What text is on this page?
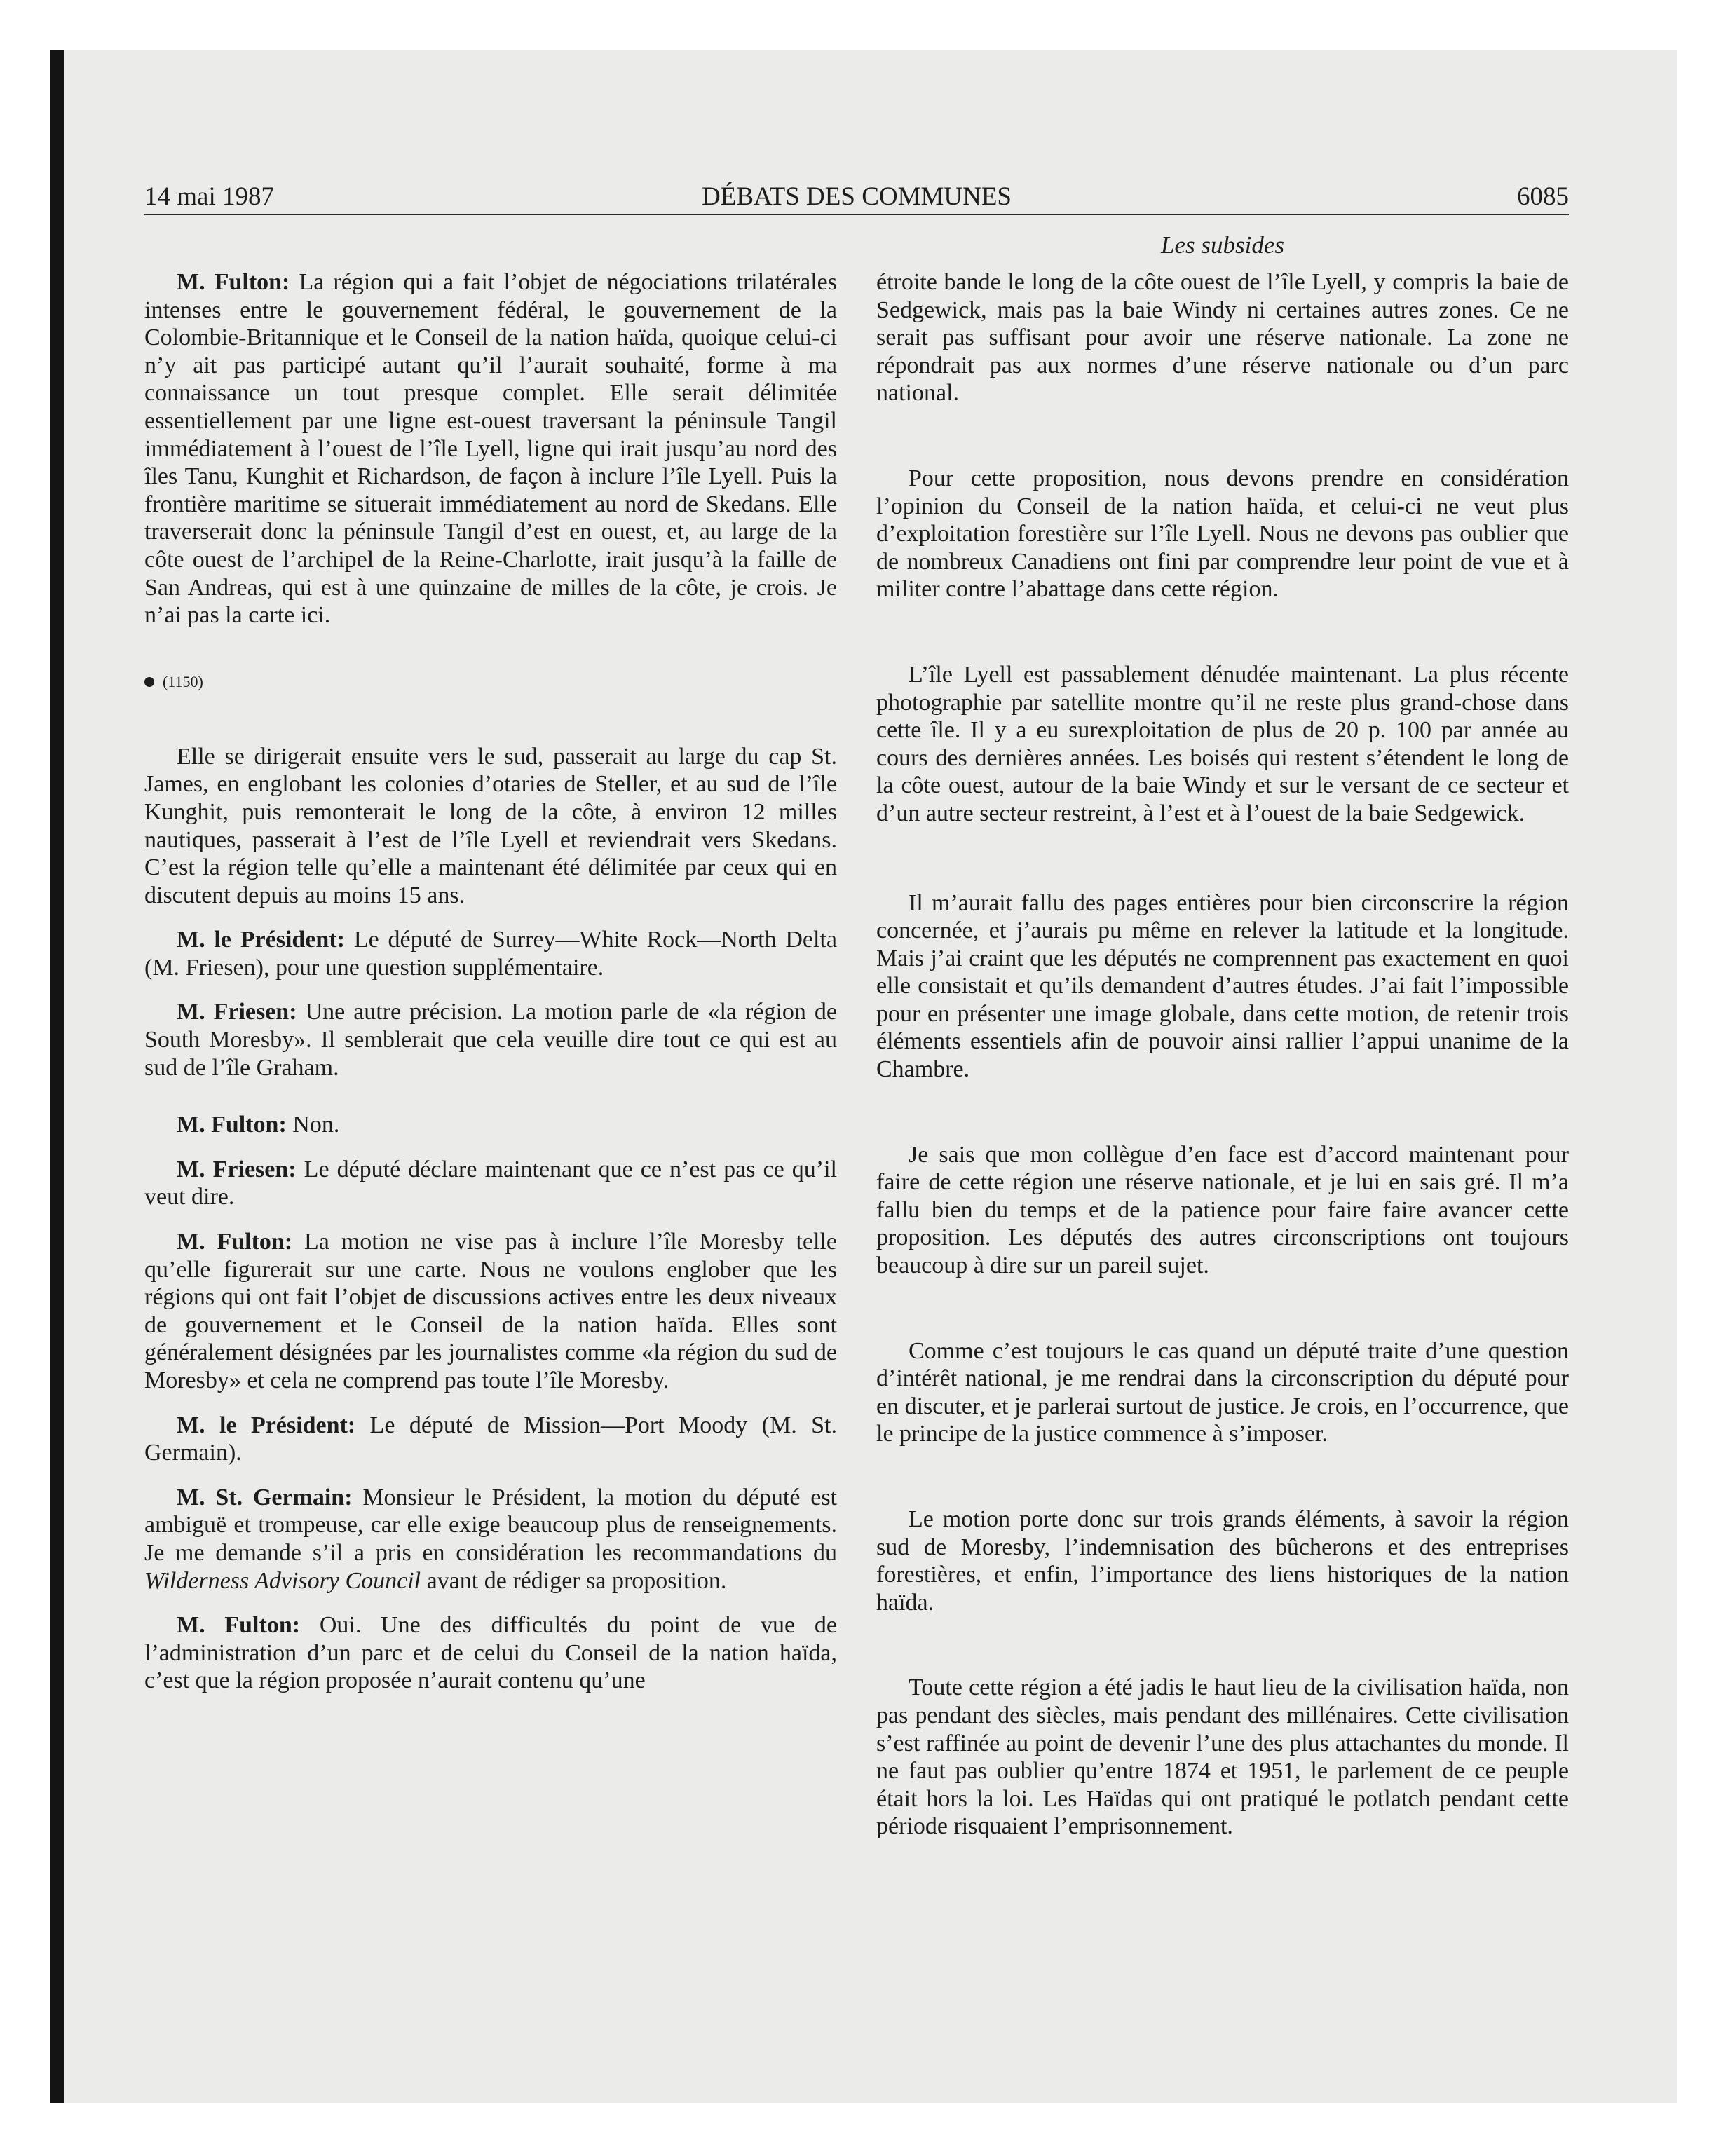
14 mai 1987	DÉBATS DES COMMUNES	6085
Les subsides

M. Fulton: La région qui a fait l’objet de négociations trilatérales intenses entre le gouvernement fédéral, le gouvernement de la Colombie-Britannique et le Conseil de la nation haïda, quoique celui-ci n’y ait pas participé autant qu’il l’aurait souhaité, forme à ma connaissance un tout presque complet. Elle serait délimitée essentiellement par une ligne est-ouest traversant la péninsule Tangil immédiatement à l’ouest de l’île Lyell, ligne qui irait jusqu’au nord des îles Tanu, Kunghit et Richardson, de façon à inclure l’île Lyell. Puis la frontière maritime se situerait immédiatement au nord de Skedans. Elle traverserait donc la péninsule Tangil d’est en ouest, et, au large de la côte ouest de l’archipel de la Reine-Charlotte, irait jusqu’à la faille de San Andreas, qui est à une quinzaine de milles de la côte, je crois. Je n’ai pas la carte ici.

(1150)

Elle se dirigerait ensuite vers le sud, passerait au large du cap St. James, en englobant les colonies d’otaries de Steller, et au sud de l’île Kunghit, puis remonterait le long de la côte, à environ 12 milles nautiques, passerait à l’est de l’île Lyell et reviendrait vers Skedans. C’est la région telle qu’elle a maintenant été délimitée par ceux qui en discutent depuis au moins 15 ans.

M. le Président: Le député de Surrey—White Rock—North Delta (M. Friesen), pour une question supplémentaire.

M. Friesen: Une autre précision. La motion parle de «la région de South Moresby». Il semblerait que cela veuille dire tout ce qui est au sud de l’île Graham.

M. Fulton: Non.

M. Friesen: Le député déclare maintenant que ce n’est pas ce qu’il veut dire.

M. Fulton: La motion ne vise pas à inclure l’île Moresby telle qu’elle figurerait sur une carte. Nous ne voulons englober que les régions qui ont fait l’objet de discussions actives entre les deux niveaux de gouvernement et le Conseil de la nation haïda. Elles sont généralement désignées par les journalistes comme «la région du sud de Moresby» et cela ne comprend pas toute l’île Moresby.

M. le Président: Le député de Mission—Port Moody (M. St. Germain).

M. St. Germain: Monsieur le Président, la motion du député est ambiguë et trompeuse, car elle exige beaucoup plus de renseignements. Je me demande s’il a pris en considération les recommandations du Wilderness Advisory Council avant de rédiger sa proposition.

M. Fulton: Oui. Une des difficultés du point de vue de l’administration d’un parc et de celui du Conseil de la nation haïda, c’est que la région proposée n’aurait contenu qu’une

étroite bande le long de la côte ouest de l’île Lyell, y compris la baie de Sedgewick, mais pas la baie Windy ni certaines autres zones. Ce ne serait pas suffisant pour avoir une réserve nationale. La zone ne répondrait pas aux normes d’une réserve nationale ou d’un parc national.

Pour cette proposition, nous devons prendre en considération l’opinion du Conseil de la nation haïda, et celui-ci ne veut plus d’exploitation forestière sur l’île Lyell. Nous ne devons pas oublier que de nombreux Canadiens ont fini par comprendre leur point de vue et à militer contre l’abattage dans cette région.

L’île Lyell est passablement dénudée maintenant. La plus récente photographie par satellite montre qu’il ne reste plus grand-chose dans cette île. Il y a eu surexploitation de plus de 20 p. 100 par année au cours des dernières années. Les boisés qui restent s’étendent le long de la côte ouest, autour de la baie Windy et sur le versant de ce secteur et d’un autre secteur restreint, à l’est et à l’ouest de la baie Sedgewick.

Il m’aurait fallu des pages entières pour bien circonscrire la région concernée, et j’aurais pu même en relever la latitude et la longitude. Mais j’ai craint que les députés ne comprennent pas exactement en quoi elle consistait et qu’ils demandent d’autres études. J’ai fait l’impossible pour en présenter une image globale, dans cette motion, de retenir trois éléments essentiels afin de pouvoir ainsi rallier l’appui unanime de la Chambre.

Je sais que mon collègue d’en face est d’accord maintenant pour faire de cette région une réserve nationale, et je lui en sais gré. Il m’a fallu bien du temps et de la patience pour faire faire avancer cette proposition. Les députés des autres circonscriptions ont toujours beaucoup à dire sur un pareil sujet.

Comme c’est toujours le cas quand un député traite d’une question d’intérêt national, je me rendrai dans la circonscription du député pour en discuter, et je parlerai surtout de justice. Je crois, en l’occurrence, que le principe de la justice commence à s’imposer.

Le motion porte donc sur trois grands éléments, à savoir la région sud de Moresby, l’indemnisation des bûcherons et des entreprises forestières, et enfin, l’importance des liens historiques de la nation haïda.

Toute cette région a été jadis le haut lieu de la civilisation haïda, non pas pendant des siècles, mais pendant des millénaires. Cette civilisation s’est raffinée au point de devenir l’une des plus attachantes du monde. Il ne faut pas oublier qu’entre 1874 et 1951, le parlement de ce peuple était hors la loi. Les Haïdas qui ont pratiqué le potlatch pendant cette période risquaient l’emprisonnement.
